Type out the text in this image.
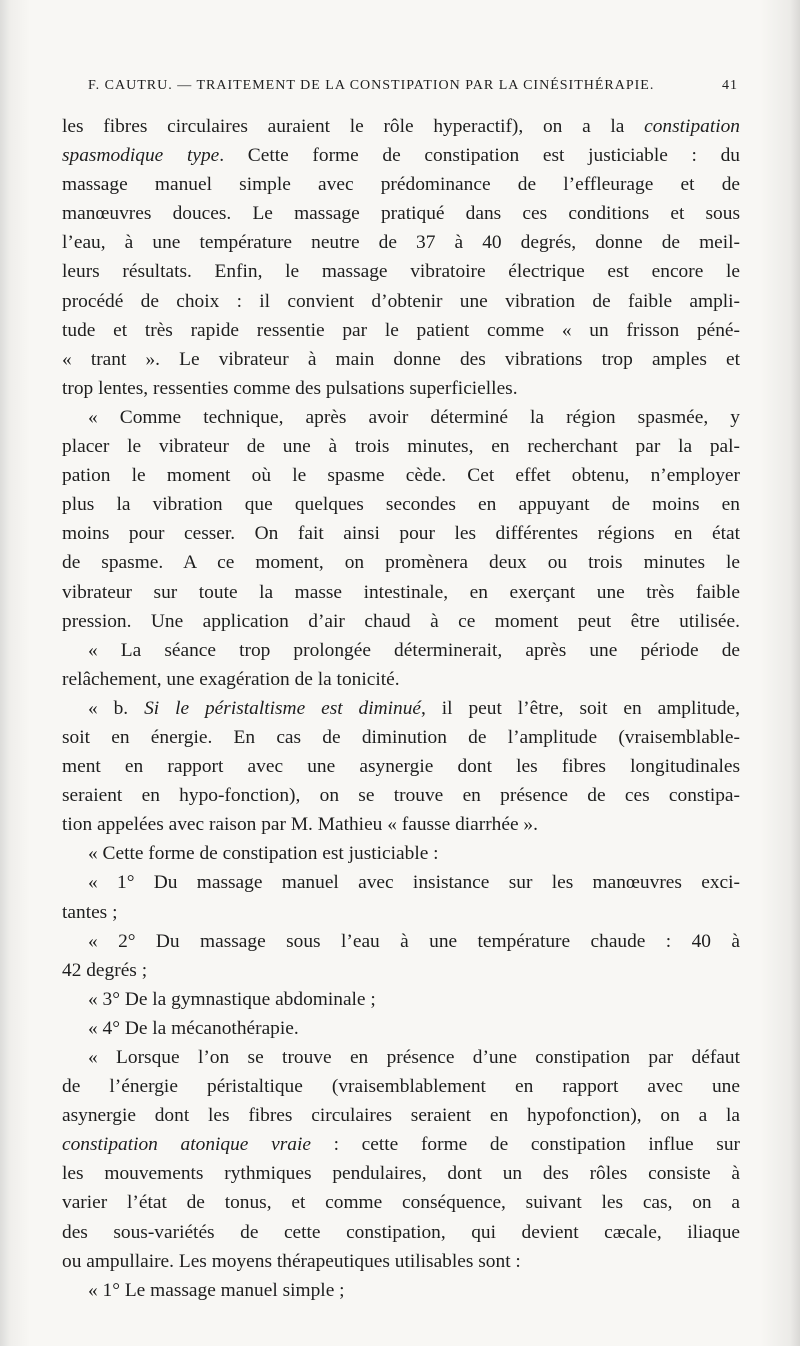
F. CAUTRU. — TRAITEMENT DE LA CONSTIPATION PAR LA CINÉSITHÉRAPIE.	41
les fibres circulaires auraient le rôle hyperactif), on a la constipation
spasmodique type. Cette forme de constipation est justiciable : du
massage manuel simple avec prédominance de l’effleurage et de
manœuvres douces. Le massage pratiqué dans ces conditions et sous
l’eau, à une température neutre de 37 à 40 degrés, donne de meil-
leurs résultats. Enfin, le massage vibratoire électrique est encore le
procédé de choix : il convient d’obtenir une vibration de faible ampli-
tude et très rapide ressentie par le patient comme « un frisson péné-
« trant ». Le vibrateur à main donne des vibrations trop amples et
trop lentes, ressenties comme des pulsations superficielles.
« Comme technique, après avoir déterminé la région spasmée, y
placer le vibrateur de une à trois minutes, en recherchant par la pal-
pation le moment où le spasme cède. Cet effet obtenu, n’employer
plus la vibration que quelques secondes en appuyant de moins en
moins pour cesser. On fait ainsi pour les différentes régions en état
de spasme. A ce moment, on promènera deux ou trois minutes le
vibrateur sur toute la masse intestinale, en exerçant une très faible
pression. Une application d’air chaud à ce moment peut être utilisée.
« La séance trop prolongée déterminerait, après une période de
relâchement, une exagération de la tonicité.
« b. Si le péristaltisme est diminué, il peut l’être, soit en amplitude,
soit en énergie. En cas de diminution de l’amplitude (vraisemblable-
ment en rapport avec une asynergie dont les fibres longitudinales
seraient en hypo-fonction), on se trouve en présence de ces constipa-
tion appelées avec raison par M. Mathieu « fausse diarrhée ».
« Cette forme de constipation est justiciable :
« 1° Du massage manuel avec insistance sur les manœuvres exci-
tantes ;
« 2° Du massage sous l’eau à une température chaude : 40 à
42 degrés ;
« 3° De la gymnastique abdominale ;
« 4° De la mécanothérapie.
« Lorsque l’on se trouve en présence d’une constipation par défaut
de l’énergie péristaltique (vraisemblablement en rapport avec une
asynergie dont les fibres circulaires seraient en hypofonction), on a la
constipation atonique vraie : cette forme de constipation influe sur
les mouvements rythmiques pendulaires, dont un des rôles consiste à
varier l’état de tonus, et comme conséquence, suivant les cas, on a
des sous-variétés de cette constipation, qui devient cæcale, iliaque
ou ampullaire. Les moyens thérapeutiques utilisables sont :
« 1° Le massage manuel simple ;
